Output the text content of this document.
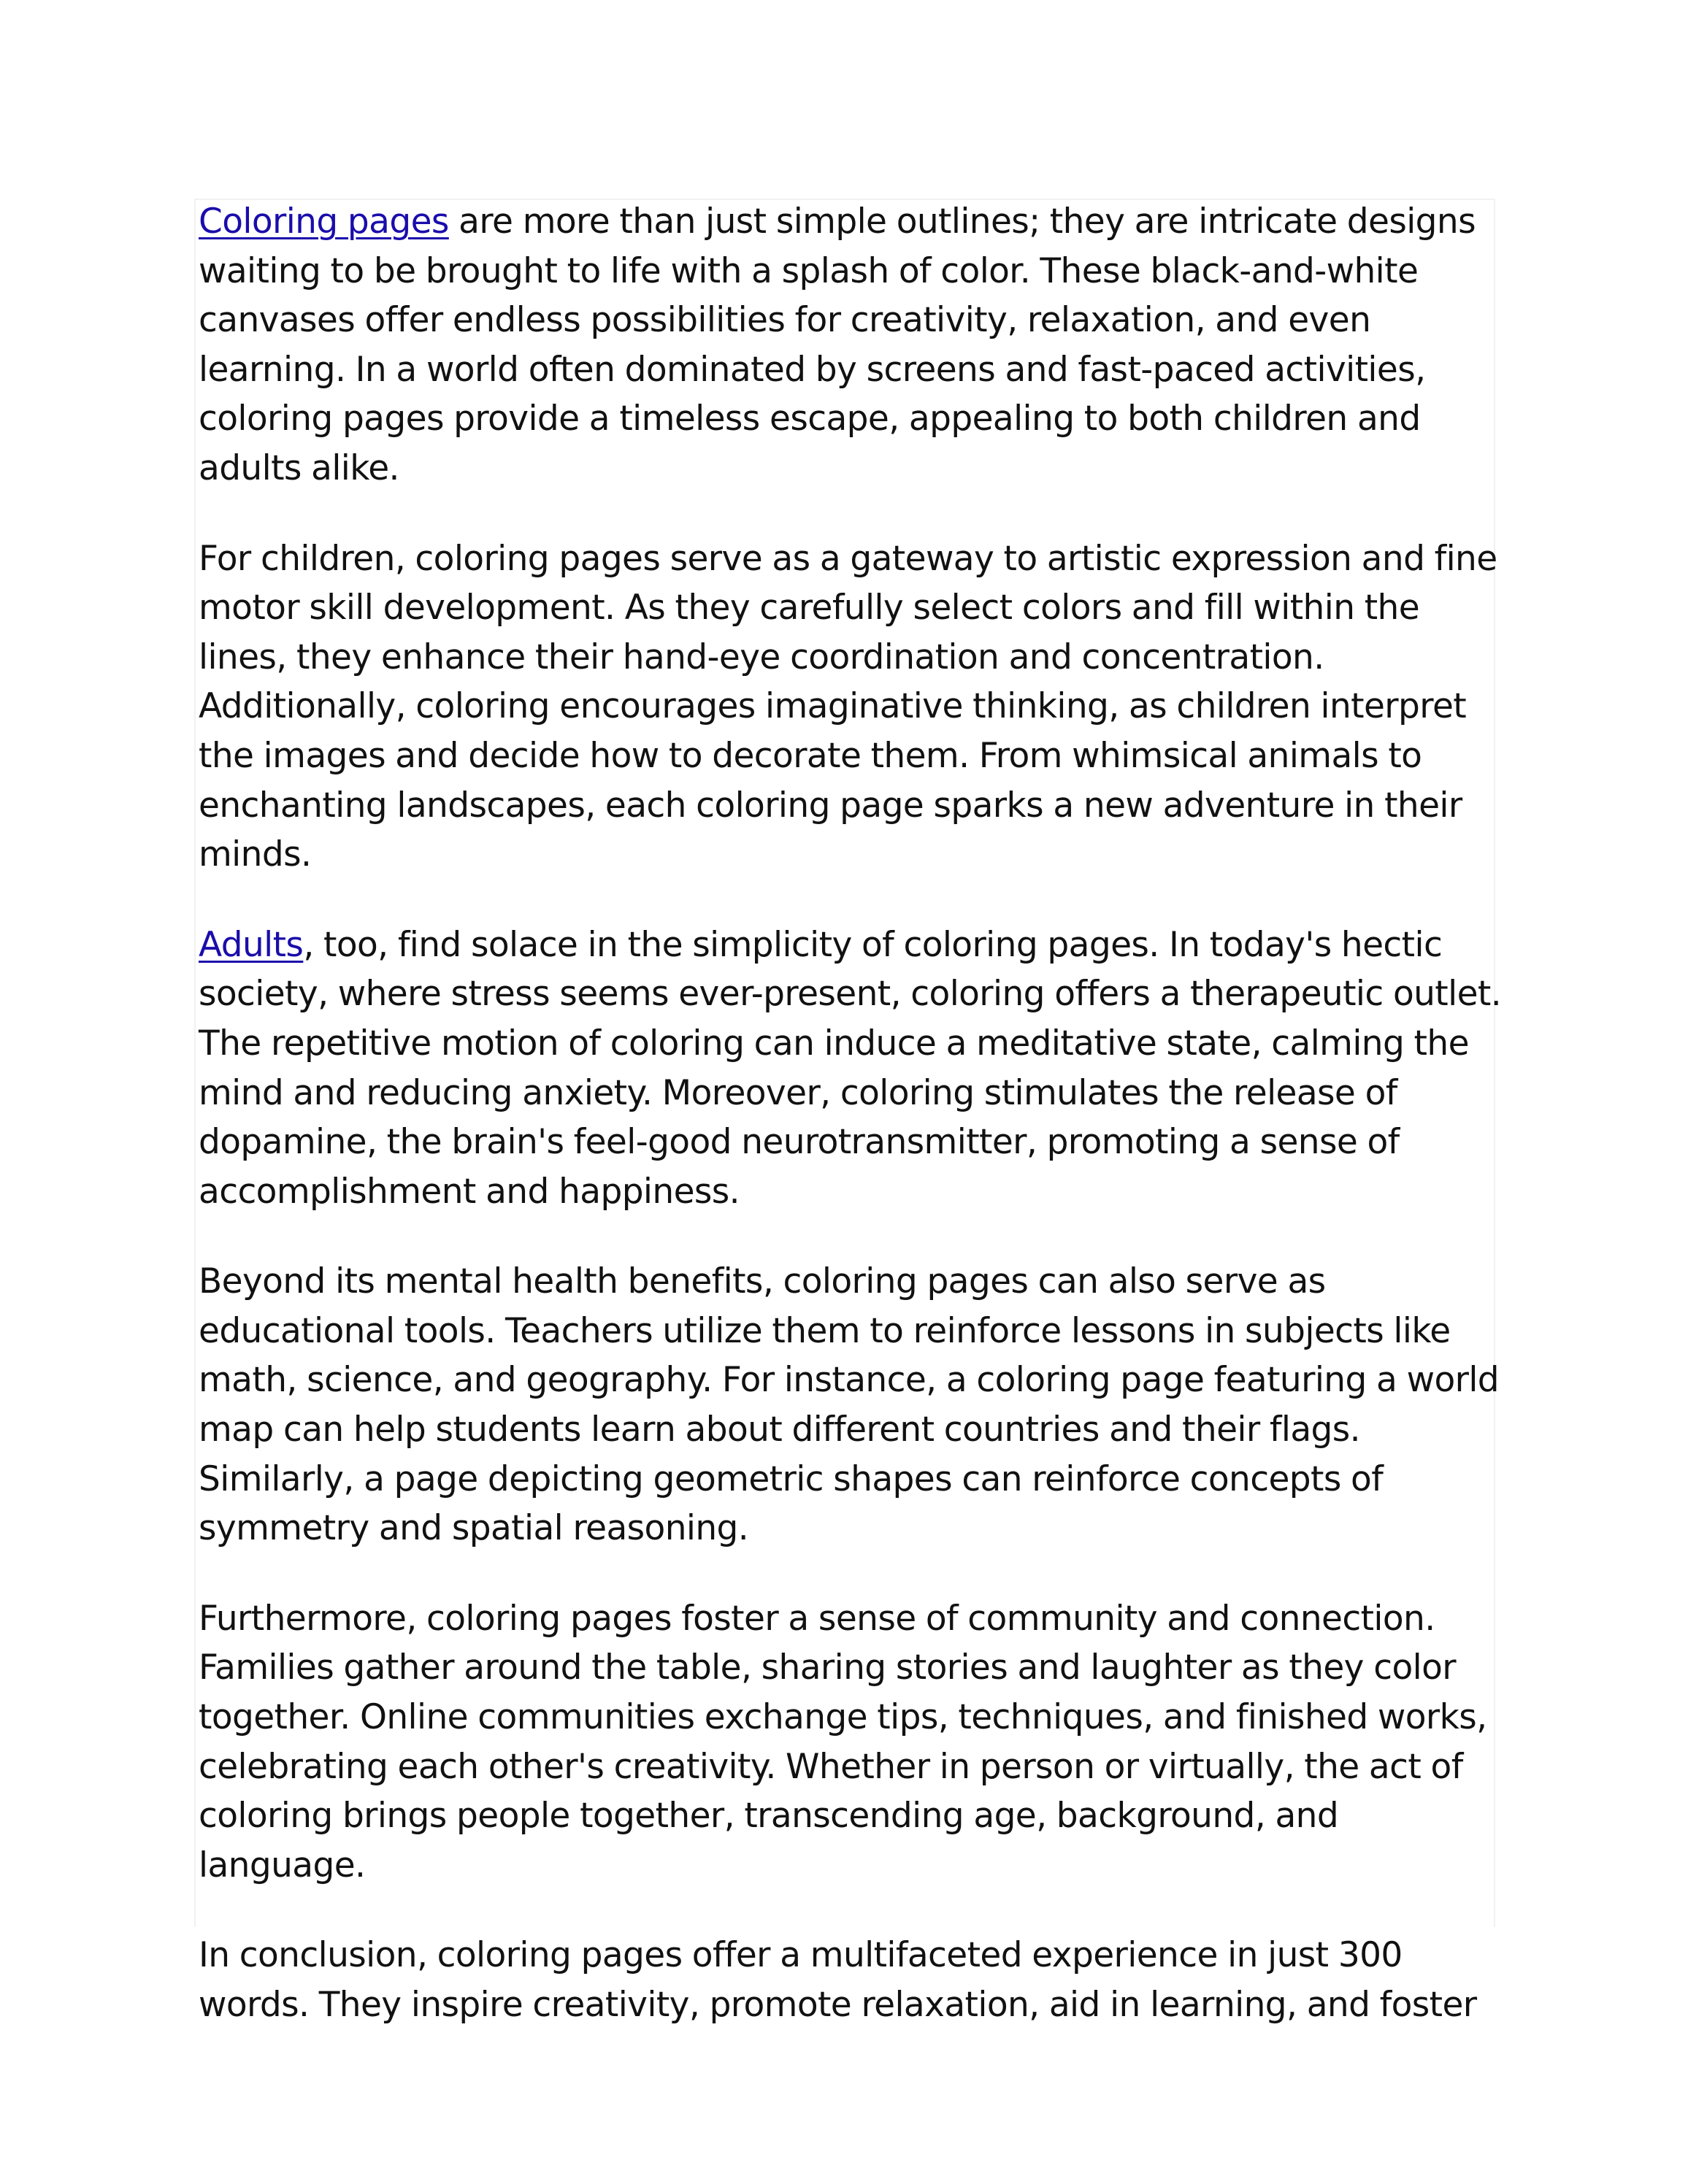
Coloring pages are more than just simple outlines; they are intricate designs waiting to be brought to life with a splash of color. These black-and-white canvases offer endless possibilities for creativity, relaxation, and even learning. In a world often dominated by screens and fast-paced activities, coloring pages provide a timeless escape, appealing to both children and adults alike.

For children, coloring pages serve as a gateway to artistic expression and fine motor skill development. As they carefully select colors and fill within the lines, they enhance their hand-eye coordination and concentration. Additionally, coloring encourages imaginative thinking, as children interpret the images and decide how to decorate them. From whimsical animals to enchanting landscapes, each coloring page sparks a new adventure in their minds.

Adults, too, find solace in the simplicity of coloring pages. In today's hectic society, where stress seems ever-present, coloring offers a therapeutic outlet. The repetitive motion of coloring can induce a meditative state, calming the mind and reducing anxiety. Moreover, coloring stimulates the release of dopamine, the brain's feel-good neurotransmitter, promoting a sense of accomplishment and happiness.

Beyond its mental health benefits, coloring pages can also serve as educational tools. Teachers utilize them to reinforce lessons in subjects like math, science, and geography. For instance, a coloring page featuring a world map can help students learn about different countries and their flags. Similarly, a page depicting geometric shapes can reinforce concepts of symmetry and spatial reasoning.

Furthermore, coloring pages foster a sense of community and connection. Families gather around the table, sharing stories and laughter as they color together. Online communities exchange tips, techniques, and finished works, celebrating each other's creativity. Whether in person or virtually, the act of coloring brings people together, transcending age, background, and language.

In conclusion, coloring pages offer a multifaceted experience in just 300 words. They inspire creativity, promote relaxation, aid in learning, and foster
